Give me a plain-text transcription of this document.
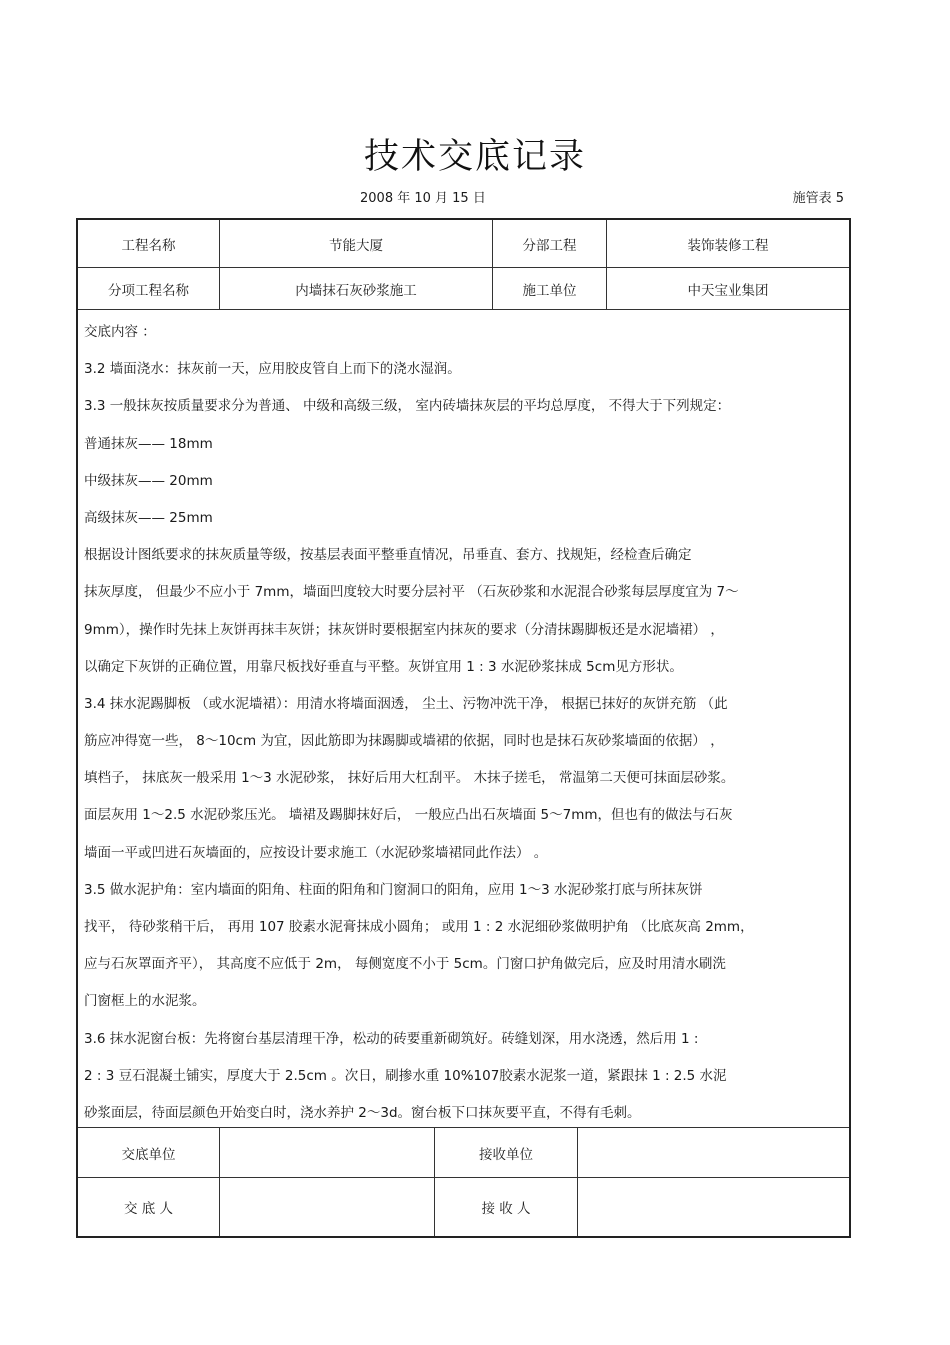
技术交底记录
2008 年 10 月 15 日	施管表 5
工程名称	节能大厦	分部工程	装饰装修工程
分项工程名称	内墙抹石灰砂浆施工	施工单位	中天宝业集团
交底内容 ：
3.2 墙面浇水：抹灰前一天，应用胶皮管自上而下的浇水湿润。
3.3 一般抹灰按质量要求分为普通、 中级和高级三级， 室内砖墙抹灰层的平均总厚度， 不得大于下列规定：
普通抹灰—— 18mm
中级抹灰—— 20mm
高级抹灰—— 25mm
根据设计图纸要求的抹灰质量等级，按基层表面平整垂直情况，吊垂直、套方、找规矩，经检查后确定
抹灰厚度， 但最少不应小于 7mm，墙面凹度较大时要分层衬平 （石灰砂浆和水泥混合砂浆每层厚度宜为 7～
9mm），操作时先抹上灰饼再抹丰灰饼；抹灰饼时要根据室内抹灰的要求（分清抹踢脚板还是水泥墙裙） ，
以确定下灰饼的正确位置，用靠尺板找好垂直与平整。灰饼宜用 1 : 3 水泥砂浆抹成 5cm见方形状。
3.4 抹水泥踢脚板 （或水泥墙裙）：用清水将墙面洇透， 尘土、污物冲洗干净， 根据已抹好的灰饼充筋 （此
筋应冲得宽一些， 8～10cm 为宜，因此筋即为抹踢脚或墙裙的依据，同时也是抹石灰砂浆墙面的依据） ，
填档子， 抹底灰一般采用 1～3 水泥砂浆， 抹好后用大杠刮平。 木抹子搓毛， 常温第二天便可抹面层砂浆。
面层灰用 1～2.5 水泥砂浆压光。 墙裙及踢脚抹好后， 一般应凸出石灰墙面 5～7mm，但也有的做法与石灰
墙面一平或凹进石灰墙面的，应按设计要求施工（水泥砂浆墙裙同此作法） 。
3.5 做水泥护角：室内墙面的阳角、柱面的阳角和门窗洞口的阳角，应用 1～3 水泥砂浆打底与所抹灰饼
找平， 待砂浆稍干后， 再用 107 胶素水泥膏抹成小圆角； 或用 1 : 2 水泥细砂浆做明护角 （比底灰高 2mm，
应与石灰罩面齐平）， 其高度不应低于 2m， 每侧宽度不小于 5cm。门窗口护角做完后，应及时用清水刷洗
门窗框上的水泥浆。
3.6 抹水泥窗台板：先将窗台基层清理干净，松动的砖要重新砌筑好。砖缝划深，用水浇透，然后用 1 :
2 : 3 豆石混凝土铺实，厚度大于 2.5cm 。次日，刷掺水重 10%107胶素水泥浆一道，紧跟抹 1 : 2.5 水泥
砂浆面层，待面层颜色开始变白时，浇水养护 2～3d。窗台板下口抹灰要平直，不得有毛刺。
交底单位	接收单位
交 底 人	接 收 人
